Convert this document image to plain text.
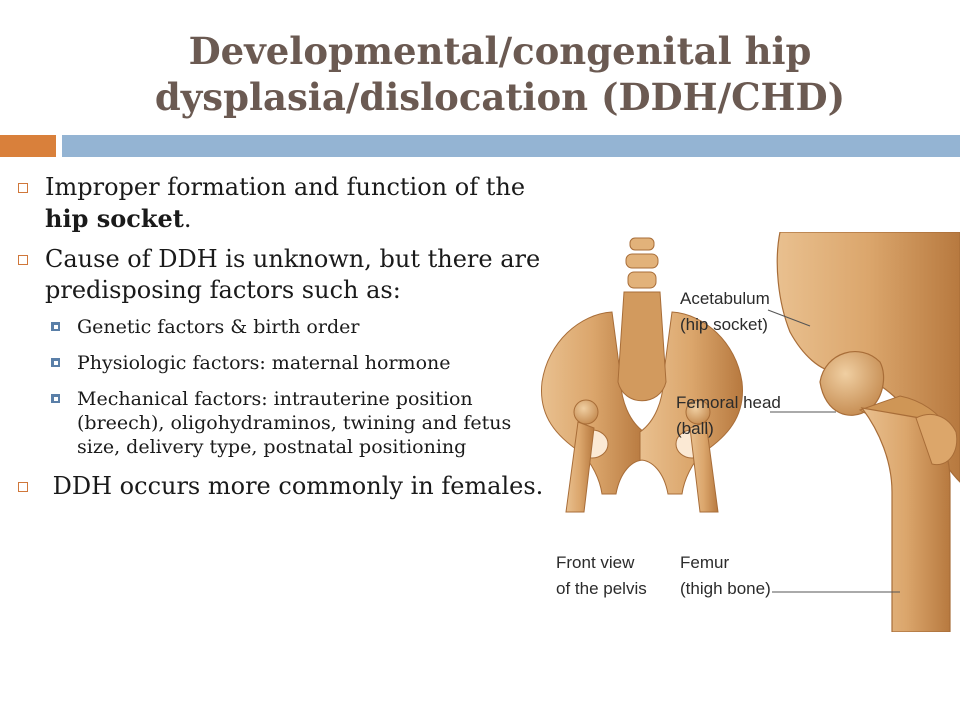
Developmental/congenital hip
dysplasia/dislocation (DDH/CHD)
Improper formation and function of the hip socket.
Cause of DDH is unknown, but there are predisposing factors such as:
Genetic factors & birth order
Physiologic factors: maternal hormone
Mechanical factors: intrauterine position (breech), oligohydraminos, twining and fetus size, delivery type, postnatal positioning
DDH occurs more commonly in females.
Acetabulum
(hip socket)
Femoral head
(ball)
Front view
of the pelvis
Femur
(thigh bone)
